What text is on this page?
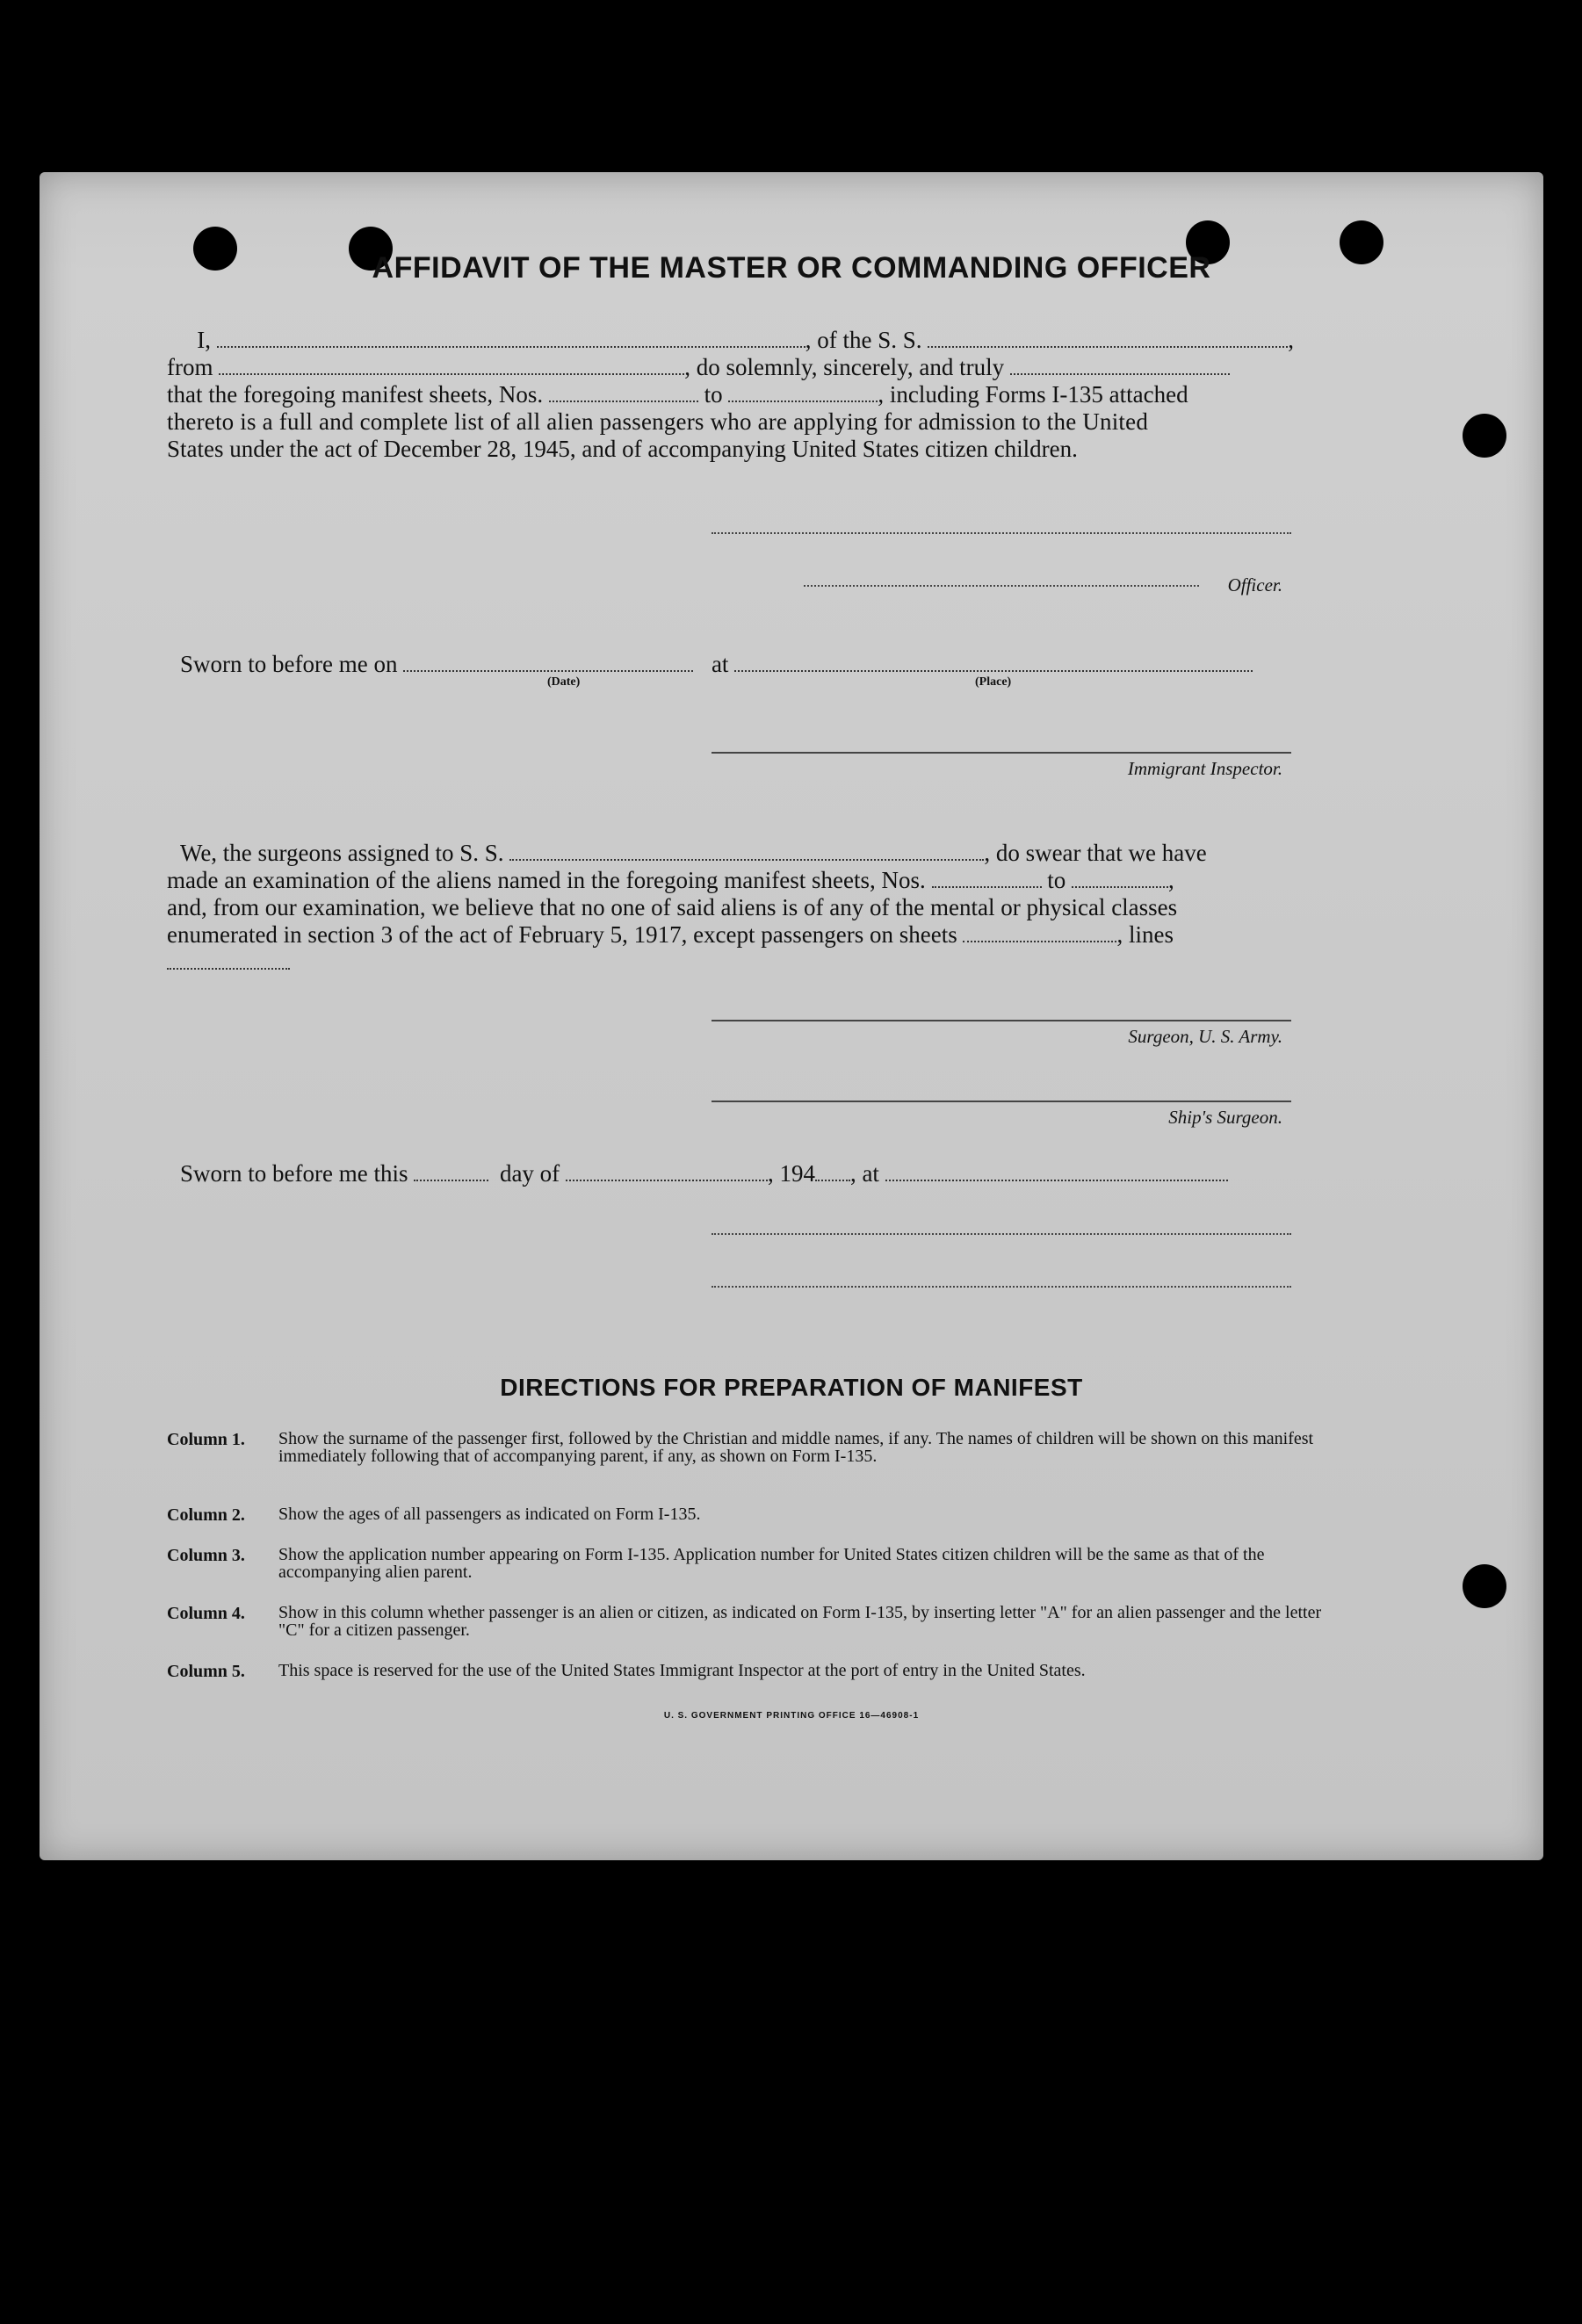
AFFIDAVIT OF THE MASTER OR COMMANDING OFFICER
I,	, of the S. S.	,
from	, do solemnly, sincerely, and truly
that the foregoing manifest sheets, Nos.	to	, including Forms I-135 attached
thereto is a full and complete list of all alien passengers who are applying for admission to the United
States under the act of December 28, 1945, and of accompanying United States citizen children.
Officer.
Sworn to before me on	at
(Date)	(Place)
Immigrant Inspector.
We, the surgeons assigned to S. S.	, do swear that we have
made an examination of the aliens named in the foregoing manifest sheets, Nos.	to	,
and, from our examination, we believe that no one of said aliens is of any of the mental or physical classes
enumerated in section 3 of the act of February 5, 1917, except passengers on sheets	, lines
Surgeon, U. S. Army.
Ship's Surgeon.
Sworn to before me this	day of	, 194 , at
DIRECTIONS FOR PREPARATION OF MANIFEST
Column 1. Show the surname of the passenger first, followed by the Christian and middle names, if any. The names of children will be shown on this manifest immediately following that of accompanying parent, if any, as shown on Form I-135.
Column 2. Show the ages of all passengers as indicated on Form I-135.
Column 3. Show the application number appearing on Form I-135. Application number for United States citizen children will be the same as that of the accompanying alien parent.
Column 4. Show in this column whether passenger is an alien or citizen, as indicated on Form I-135, by inserting letter "A" for an alien passenger and the letter "C" for a citizen passenger.
Column 5. This space is reserved for the use of the United States Immigrant Inspector at the port of entry in the United States.
U. S. GOVERNMENT PRINTING OFFICE 16—46908-1
